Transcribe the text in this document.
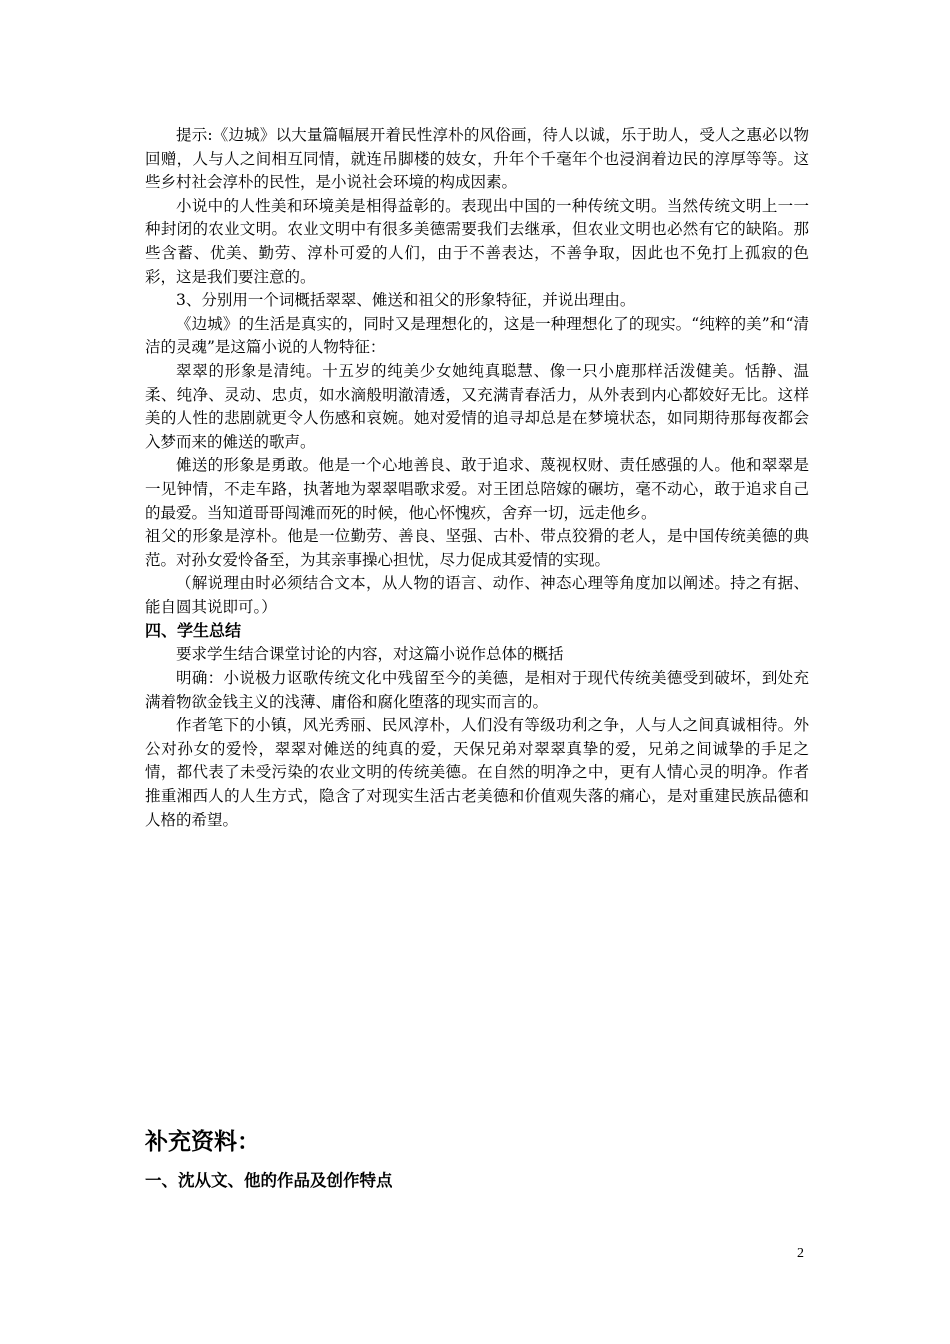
提示:《边城》以大量篇幅展开着民性淳朴的风俗画，待人以诚，乐于助人，受人之惠必以物回赠，人与人之间相互同情，就连吊脚楼的妓女，升年个千毫年个也浸润着边民的淳厚等等。这些乡村社会淳朴的民性，是小说社会环境的构成因素。

小说中的人性美和环境美是相得益彰的。表现出中国的一种传统文明。当然传统文明上一一种封闭的农业文明。农业文明中有很多美德需要我们去继承，但农业文明也必然有它的缺陷。那些含蓄、优美、勤劳、淳朴可爱的人们，由于不善表达，不善争取，因此也不免打上孤寂的色彩，这是我们要注意的。

3、分别用一个词概括翠翠、傩送和祖父的形象特征，并说出理由。

《边城》的生活是真实的，同时又是理想化的，这是一种理想化了的现实。“纯粹的美”和“清洁的灵魂”是这篇小说的人物特征：

翠翠的形象是清纯。十五岁的纯美少女她纯真聪慧、像一只小鹿那样活泼健美。恬静、温柔、纯净、灵动、忠贞，如水滴般明澈清透，又充满青春活力，从外表到内心都姣好无比。这样美的人性的悲剧就更令人伤感和哀婉。她对爱情的追寻却总是在梦境状态，如同期待那每夜都会入梦而来的傩送的歌声。

傩送的形象是勇敢。他是一个心地善良、敢于追求、蔑视权财、责任感强的人。他和翠翠是一见钟情，不走车路，执著地为翠翠唱歌求爱。对王团总陪嫁的碾坊，毫不动心，敢于追求自己的最爱。当知道哥哥闯滩而死的时候，他心怀愧疚，舍弃一切，远走他乡。

祖父的形象是淳朴。他是一位勤劳、善良、坚强、古朴、带点狡猾的老人，是中国传统美德的典范。对孙女爱怜备至，为其亲事操心担忧，尽力促成其爱情的实现。

（解说理由时必须结合文本，从人物的语言、动作、神态心理等角度加以阐述。持之有据、能自圆其说即可。）

四、学生总结

要求学生结合课堂讨论的内容，对这篇小说作总体的概括

明确：小说极力讴歌传统文化中残留至今的美德，是相对于现代传统美德受到破坏，到处充满着物欲金钱主义的浅薄、庸俗和腐化堕落的现实而言的。

作者笔下的小镇，风光秀丽、民风淳朴，人们没有等级功利之争，人与人之间真诚相待。外公对孙女的爱怜，翠翠对傩送的纯真的爱，天保兄弟对翠翠真挚的爱，兄弟之间诚挚的手足之情，都代表了未受污染的农业文明的传统美德。在自然的明净之中，更有人情心灵的明净。作者推重湘西人的人生方式，隐含了对现实生活古老美德和价值观失落的痛心，是对重建民族品德和人格的希望。

补充资料：
一、沈从文、他的作品及创作特点
2
